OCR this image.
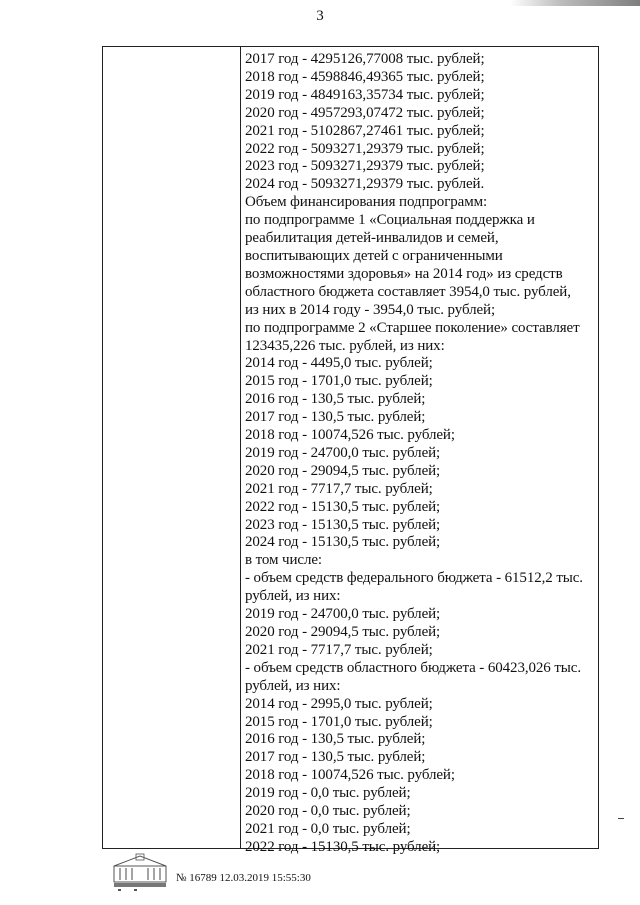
3
2017 год - 4295126,77008 тыс. рублей;
2018 год - 4598846,49365 тыс. рублей;
2019 год - 4849163,35734 тыс. рублей;
2020 год - 4957293,07472 тыс. рублей;
2021 год - 5102867,27461 тыс. рублей;
2022 год - 5093271,29379 тыс. рублей;
2023 год - 5093271,29379 тыс. рублей;
2024 год - 5093271,29379 тыс. рублей.
Объем финансирования подпрограмм:
по подпрограмме 1 «Социальная поддержка и
реабилитация детей-инвалидов и семей,
воспитывающих детей с ограниченными
возможностями здоровья» на 2014 год» из средств
областного бюджета составляет 3954,0 тыс. рублей,
из них в 2014 году - 3954,0 тыс. рублей;
по подпрограмме 2 «Старшее поколение» составляет
123435,226 тыс. рублей, из них:
2014 год - 4495,0 тыс. рублей;
2015 год - 1701,0 тыс. рублей;
2016 год - 130,5 тыс. рублей;
2017 год - 130,5 тыс. рублей;
2018 год - 10074,526 тыс. рублей;
2019 год - 24700,0 тыс. рублей;
2020 год - 29094,5 тыс. рублей;
2021 год - 7717,7 тыс. рублей;
2022 год - 15130,5 тыс. рублей;
2023 год - 15130,5 тыс. рублей;
2024 год - 15130,5 тыс. рублей;
в том числе:
- объем средств федерального бюджета - 61512,2 тыс.
рублей, из них:
2019 год - 24700,0 тыс. рублей;
2020 год - 29094,5 тыс. рублей;
2021 год - 7717,7 тыс. рублей;
- объем средств областного бюджета - 60423,026 тыс.
рублей, из них:
2014 год - 2995,0 тыс. рублей;
2015 год - 1701,0 тыс. рублей;
2016 год - 130,5 тыс. рублей;
2017 год - 130,5 тыс. рублей;
2018 год - 10074,526 тыс. рублей;
2019 год - 0,0 тыс. рублей;
2020 год - 0,0 тыс. рублей;
2021 год - 0,0 тыс. рублей;
2022 год - 15130,5 тыс. рублей;
№ 16789 12.03.2019 15:55:30
